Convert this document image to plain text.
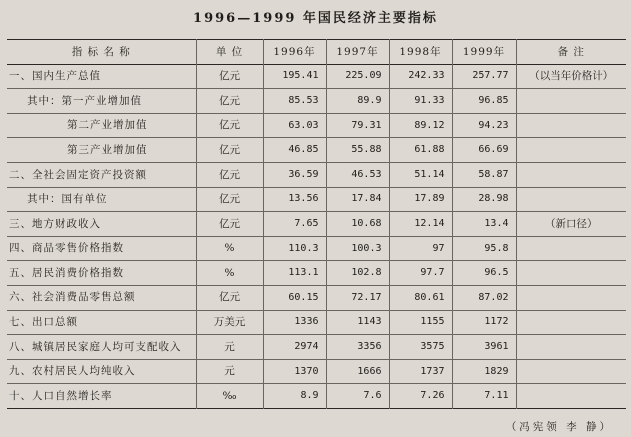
1996—1999 年国民经济主要指标
指 标 名 称	单 位	1996年	1997年	1998年	1999年	备 注
一、国内生产总值	亿元	195.41	225.09	242.33	257.77	（以当年价格计）
其中：第一产业增加值	亿元	85.53	89.9	91.33	96.85	
第二产业增加值	亿元	63.03	79.31	89.12	94.23	
第三产业增加值	亿元	46.85	55.88	61.88	66.69	
二、全社会固定资产投资额	亿元	36.59	46.53	51.14	58.87	
其中：国有单位	亿元	13.56	17.84	17.89	28.98	
三、地方财政收入	亿元	7.65	10.68	12.14	13.4	（新口径）
四、商品零售价格指数	%	110.3	100.3	97	95.8	
五、居民消费价格指数	%	113.1	102.8	97.7	96.5	
六、社会消费品零售总额	亿元	60.15	72.17	80.61	87.02	
七、出口总额	万美元	1336	1143	1155	1172	
八、城镇居民家庭人均可支配收入	元	2974	3356	3575	3961	
九、农村居民人均纯收入	元	1370	1666	1737	1829	
十、人口自然增长率	‰	8.9	7.6	7.26	7.11	
（冯宪领 李 静）
